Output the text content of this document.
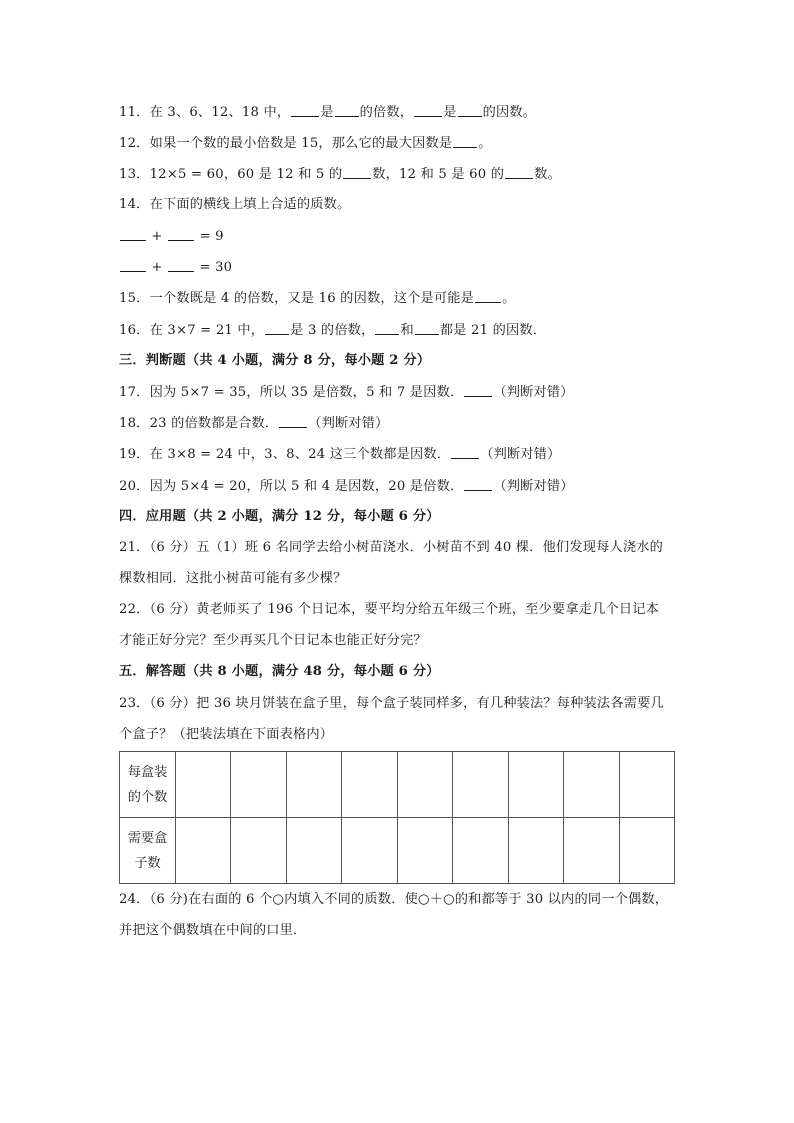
11．在 3、6、12、18 中， 是 的倍数， 是 的因数。
12．如果一个数的最小倍数是 15，那么它的最大因数是 。
13．12×5 = 60，60 是 12 和 5 的 数，12 和 5 是 60 的 数。
14．在下面的横线上填上合适的质数。
+  = 9
+  = 30
15．一个数既是 4 的倍数，又是 16 的因数，这个是可能是 。
16．在 3×7 = 21 中， 是 3 的倍数， 和 都是 21 的因数．
三．判断题（共 4 小题，满分 8 分，每小题 2 分）
17．因为 5×7 = 35，所以 35 是倍数，5 和 7 是因数． （判断对错）
18．23 的倍数都是合数． （判断对错）
19．在 3×8 = 24 中，3、8、24 这三个数都是因数． （判断对错）
20．因为 5×4 = 20，所以 5 和 4 是因数，20 是倍数． （判断对错）
四．应用题（共 2 小题，满分 12 分，每小题 6 分）
21．（6 分）五（1）班 6 名同学去给小树苗浇水．小树苗不到 40 棵．他们发现每人浇水的
棵数相同．这批小树苗可能有多少棵？
22．（6 分）黄老师买了 196 个日记本，要平均分给五年级三个班，至少要拿走几个日记本
才能正好分完？至少再买几个日记本也能正好分完？
五．解答题（共 8 小题，满分 48 分，每小题 6 分）
23．（6 分）把 36 块月饼装在盒子里，每个盒子装同样多，有几种装法？每种装法各需要几
个盒子？（把装法填在下面表格内）
每盒装的个数									
需要盒子数									
24．（6 分)在右面的 6 个○内填入不同的质数．使○＋○的和都等于 30 以内的同一个偶数，
并把这个偶数填在中间的口里．
